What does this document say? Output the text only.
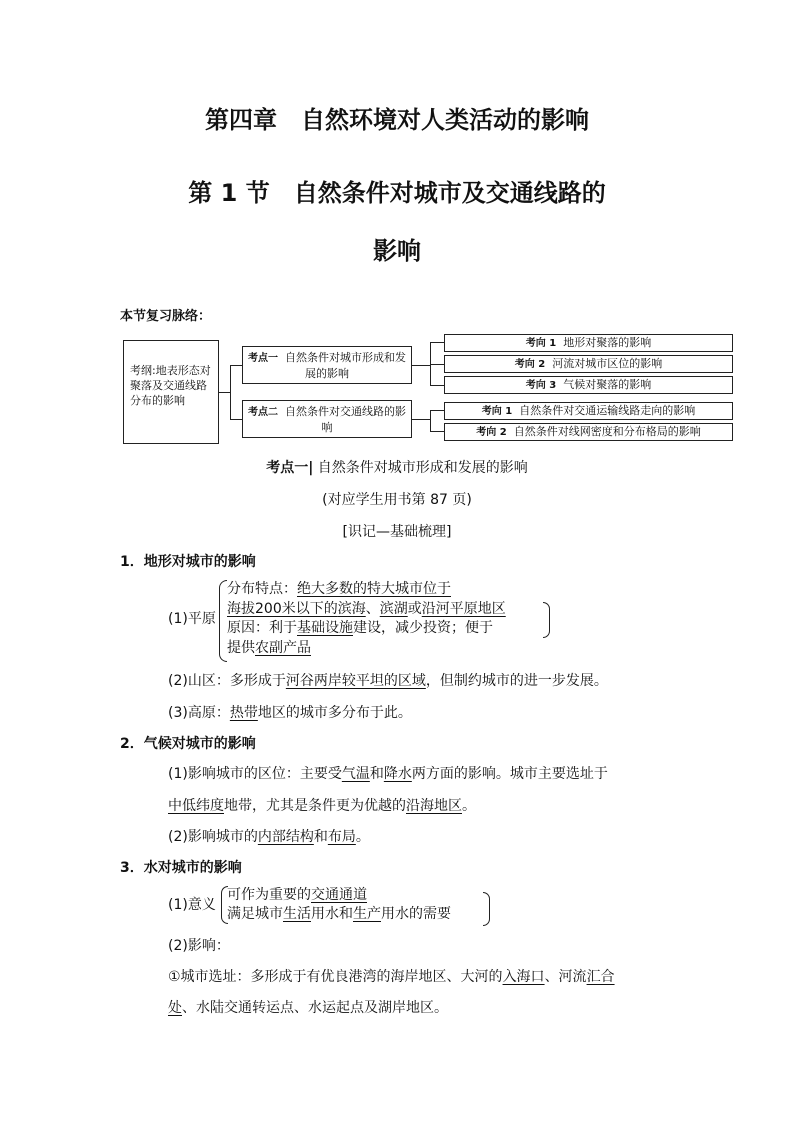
第四章　自然环境对人类活动的影响
第 1 节　自然条件对城市及交通线路的
影响
本节复习脉络：
考纲:地表形态对聚落及交通线路分布的影响
考点一 自然条件对城市形成和发展的影响
考点二 自然条件对交通线路的影响
考向 1 地形对聚落的影响
考向 2 河流对城市区位的影响
考向 3 气候对聚落的影响
考向 1 自然条件对交通运输线路走向的影响
考向 2 自然条件对线网密度和分布格局的影响
考点一| 自然条件对城市形成和发展的影响
(对应学生用书第 87 页)
[识记—基础梳理]
1．地形对城市的影响
(1)平原
分布特点：绝大多数的特大城市位于
海拔200米以下的滨海、滨湖或沿河平原地区
原因：利于基础设施建设，减少投资；便于
提供农副产品
(2)山区：多形成于河谷两岸较平坦的区域，但制约城市的进一步发展。
(3)高原：热带地区的城市多分布于此。
2．气候对城市的影响
(1)影响城市的区位：主要受气温和降水两方面的影响。城市主要选址于
中低纬度地带，尤其是条件更为优越的沿海地区。
(2)影响城市的内部结构和布局。
3．水对城市的影响
(1)意义
可作为重要的交通通道
满足城市生活用水和生产用水的需要
(2)影响：
①城市选址：多形成于有优良港湾的海岸地区、大河的入海口、河流汇合
处、水陆交通转运点、水运起点及湖岸地区。
